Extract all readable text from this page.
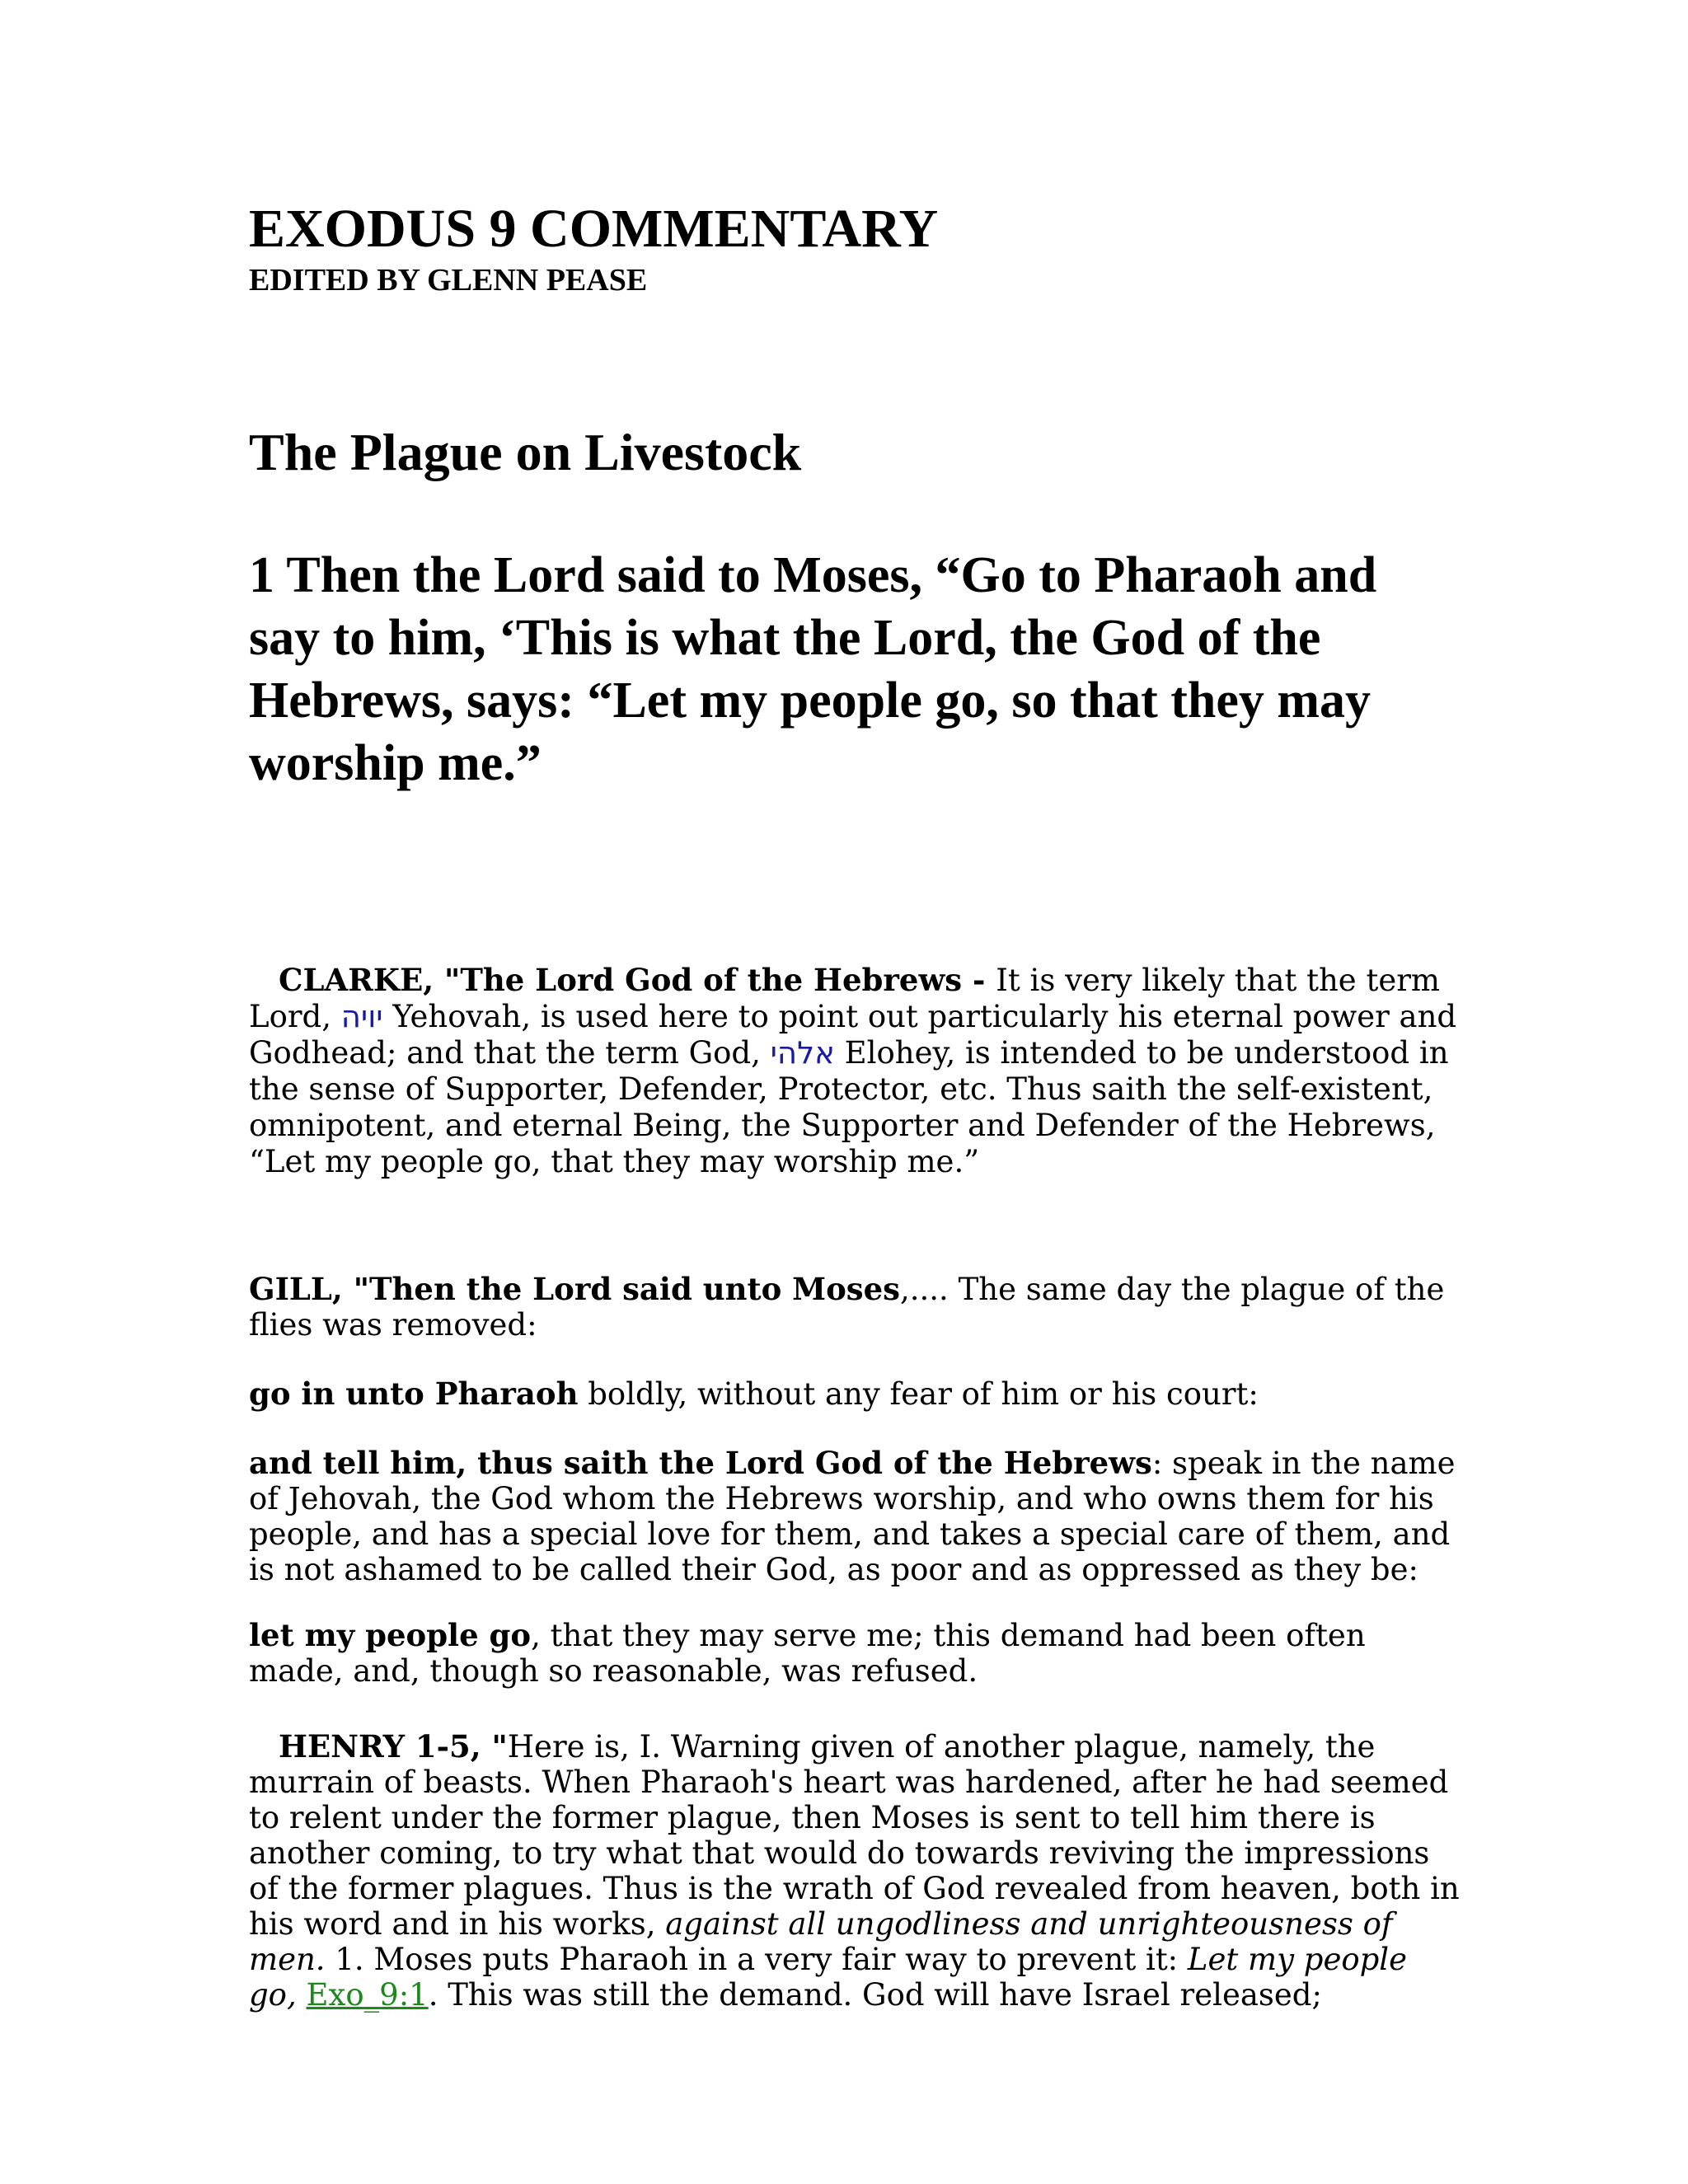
EXODUS 9 COMMENTARY
EDITED BY GLENN PEASE
The Plague on Livestock

1 Then the Lord said to Moses, “Go to Pharaoh and say to him, ‘This is what the Lord, the God of the Hebrews, says: “Let my people go, so that they may worship me.”

CLARKE, "The Lord God of the Hebrews - It is very likely that the term Lord, יויה Yehovah, is used here to point out particularly his eternal power and Godhead; and that the term God, אלהי Elohey, is intended to be understood in the sense of Supporter, Defender, Protector, etc. Thus saith the self-existent, omnipotent, and eternal Being, the Supporter and Defender of the Hebrews, “Let my people go, that they may worship me.”

GILL, "Then the Lord said unto Moses,.... The same day the plague of the flies was removed:

go in unto Pharaoh boldly, without any fear of him or his court:

and tell him, thus saith the Lord God of the Hebrews: speak in the name of Jehovah, the God whom the Hebrews worship, and who owns them for his people, and has a special love for them, and takes a special care of them, and is not ashamed to be called their God, as poor and as oppressed as they be:

let my people go, that they may serve me; this demand had been often made, and, though so reasonable, was refused.

HENRY 1-5, "Here is, I. Warning given of another plague, namely, the murrain of beasts. When Pharaoh's heart was hardened, after he had seemed to relent under the former plague, then Moses is sent to tell him there is another coming, to try what that would do towards reviving the impressions of the former plagues. Thus is the wrath of God revealed from heaven, both in his word and in his works, against all ungodliness and unrighteousness of men. 1. Moses puts Pharaoh in a very fair way to prevent it: Let my people go, Exo_9:1. This was still the demand. God will have Israel released;
